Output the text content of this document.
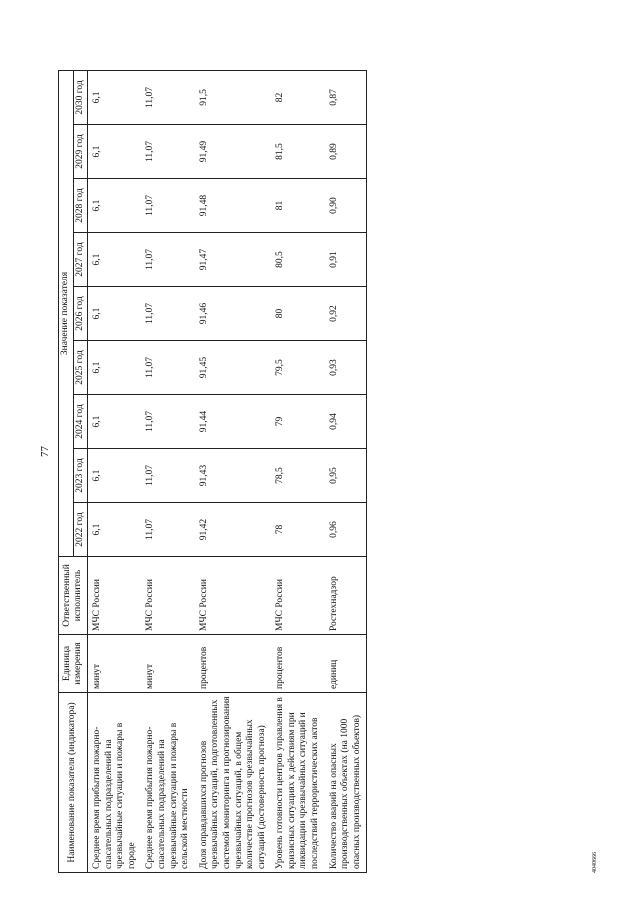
77
4040666
Наименование показателя (индикатора)	Единица измерения	Ответственный исполнитель	Значение показателя								
			2022 год	2023 год	2024 год	2025 год	2026 год	2027 год	2028 год	2029 год	2030 год
Среднее время прибытия пожарно-спасательных подразделений на чрезвычайные ситуации и пожары в городе	минут	МЧС России	6,1	6,1	6,1	6,1	6,1	6,1	6,1	6,1	6,1
Среднее время прибытия пожарно-спасательных подразделений на чрезвычайные ситуации и пожары в сельской местности	минут	МЧС России	11,07	11,07	11,07	11,07	11,07	11,07	11,07	11,07	11,07
Доля оправдавшихся прогнозов чрезвычайных ситуаций, подготовленных системой мониторинга и прогнозирования чрезвычайных ситуаций, в общем количестве прогнозов чрезвычайных ситуаций (достоверность прогноза)	процентов	МЧС России	91,42	91,43	91,44	91,45	91,46	91,47	91,48	91,49	91,5
Уровень готовности центров управления в кризисных ситуациях к действиям при ликвидации чрезвычайных ситуаций и последствий террористических актов	процентов	МЧС России	78	78,5	79	79,5	80	80,5	81	81,5	82
Количество аварий на опасных производственных объектах (на 1000 опасных производственных объектов)	единиц	Ростехнадзор	0,96	0,95	0,94	0,93	0,92	0,91	0,90	0,89	0,87
